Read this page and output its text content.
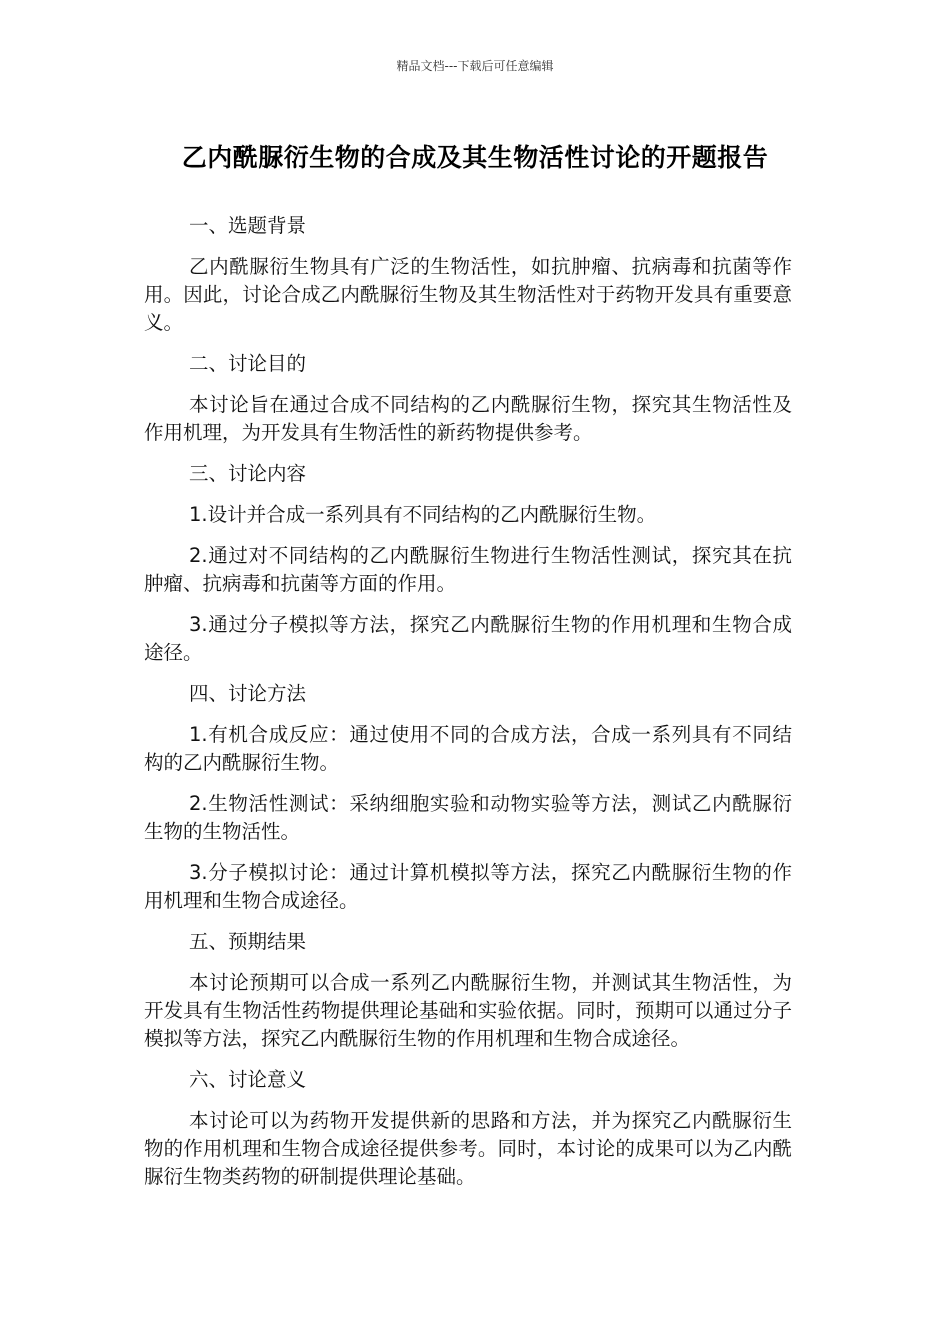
精品文档---下载后可任意编辑
乙内酰脲衍生物的合成及其生物活性讨论的开题报告

一、选题背景

乙内酰脲衍生物具有广泛的生物活性，如抗肿瘤、抗病毒和抗菌等作用。因此，讨论合成乙内酰脲衍生物及其生物活性对于药物开发具有重要意义。

二、讨论目的

本讨论旨在通过合成不同结构的乙内酰脲衍生物，探究其生物活性及作用机理，为开发具有生物活性的新药物提供参考。

三、讨论内容

1.设计并合成一系列具有不同结构的乙内酰脲衍生物。

2.通过对不同结构的乙内酰脲衍生物进行生物活性测试，探究其在抗肿瘤、抗病毒和抗菌等方面的作用。

3.通过分子模拟等方法，探究乙内酰脲衍生物的作用机理和生物合成途径。

四、讨论方法

1.有机合成反应：通过使用不同的合成方法，合成一系列具有不同结构的乙内酰脲衍生物。

2.生物活性测试：采纳细胞实验和动物实验等方法，测试乙内酰脲衍生物的生物活性。

3.分子模拟讨论：通过计算机模拟等方法，探究乙内酰脲衍生物的作用机理和生物合成途径。

五、预期结果

本讨论预期可以合成一系列乙内酰脲衍生物，并测试其生物活性，为开发具有生物活性药物提供理论基础和实验依据。同时，预期可以通过分子模拟等方法，探究乙内酰脲衍生物的作用机理和生物合成途径。

六、讨论意义

本讨论可以为药物开发提供新的思路和方法，并为探究乙内酰脲衍生物的作用机理和生物合成途径提供参考。同时，本讨论的成果可以为乙内酰脲衍生物类药物的研制提供理论基础。
